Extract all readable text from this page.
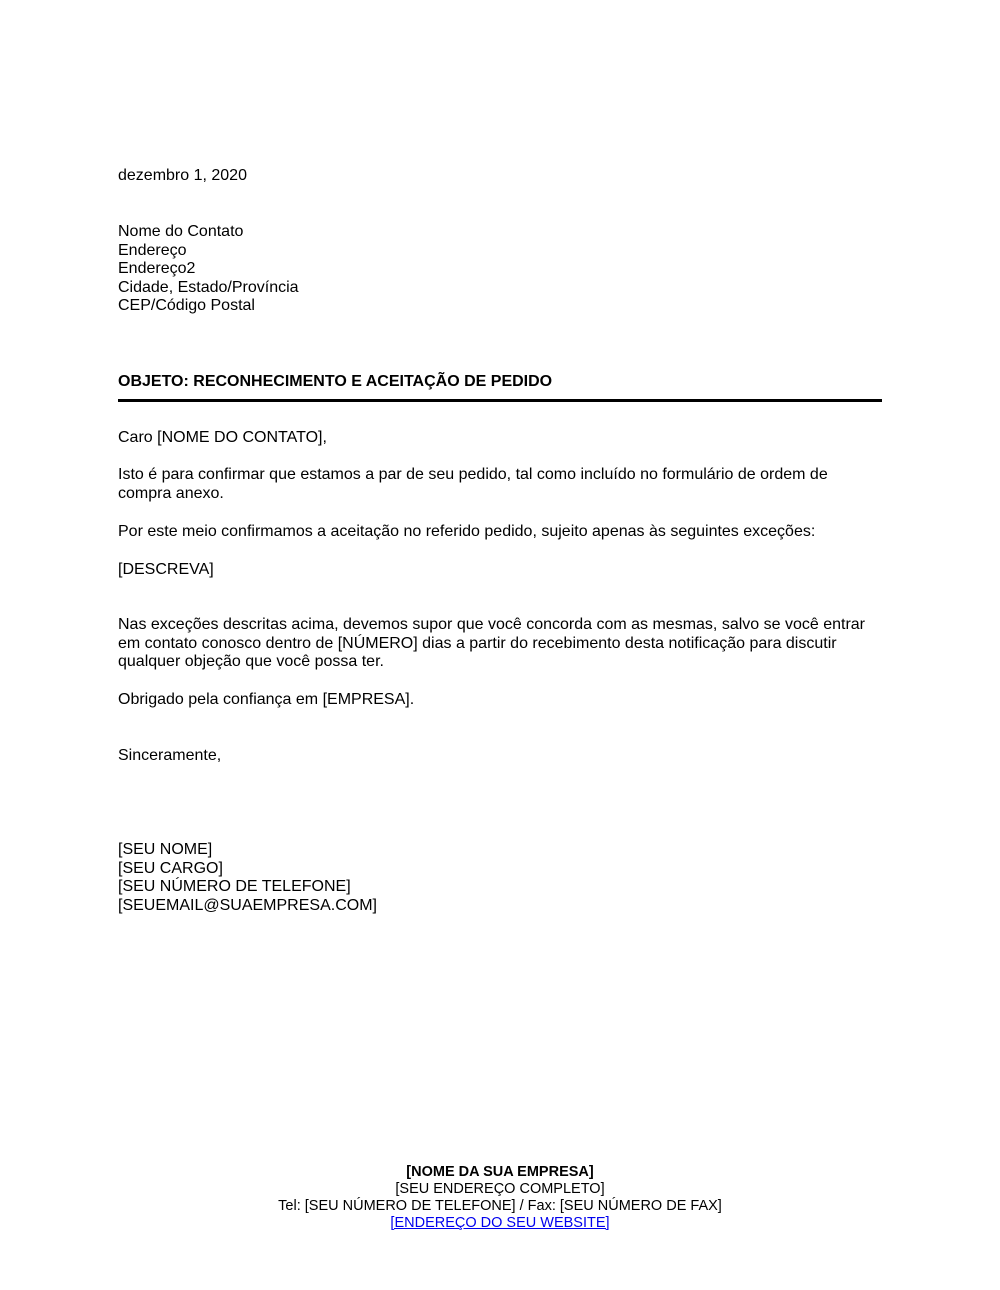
dezembro 1, 2020
Nome do Contato
Endereço
Endereço2
Cidade, Estado/Província
CEP/Código Postal
OBJETO: RECONHECIMENTO E ACEITAÇÃO DE PEDIDO
Caro [NOME DO CONTATO],
Isto é para confirmar que estamos a par de seu pedido, tal como incluído no formulário de ordem de compra anexo.
Por este meio confirmamos a aceitação no referido pedido, sujeito apenas às seguintes exceções:
[DESCREVA]
Nas exceções descritas acima, devemos supor que você concorda com as mesmas, salvo se você entrar em contato conosco dentro de [NÚMERO] dias a partir do recebimento desta notificação para discutir qualquer objeção que você possa ter.
Obrigado pela confiança em [EMPRESA].
Sinceramente,
[SEU NOME]
[SEU CARGO]
[SEU NÚMERO DE TELEFONE]
[SEUEMAIL@SUAEMPRESA.COM]
[NOME DA SUA EMPRESA]
[SEU ENDEREÇO COMPLETO]
Tel: [SEU NÚMERO DE TELEFONE] / Fax: [SEU NÚMERO DE FAX]
[ENDEREÇO DO SEU WEBSITE]
